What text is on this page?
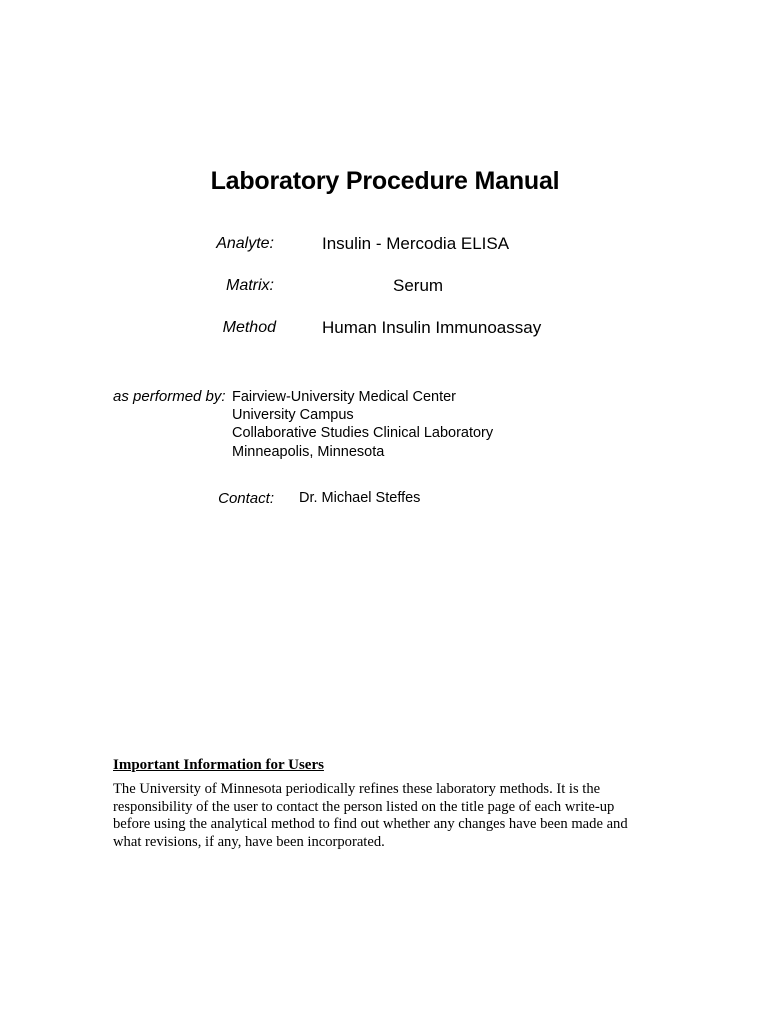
Laboratory Procedure Manual
Analyte:	Insulin - Mercodia ELISA
Matrix:	Serum
Method	Human Insulin Immunoassay
as performed by: Fairview-University Medical Center
University Campus
Collaborative Studies Clinical Laboratory
Minneapolis, Minnesota
Contact: Dr. Michael Steffes
Important Information for Users
The University of Minnesota periodically refines these laboratory methods. It is the
responsibility of the user to contact the person listed on the title page of each write-up
before using the analytical method to find out whether any changes have been made and
what revisions, if any, have been incorporated.
